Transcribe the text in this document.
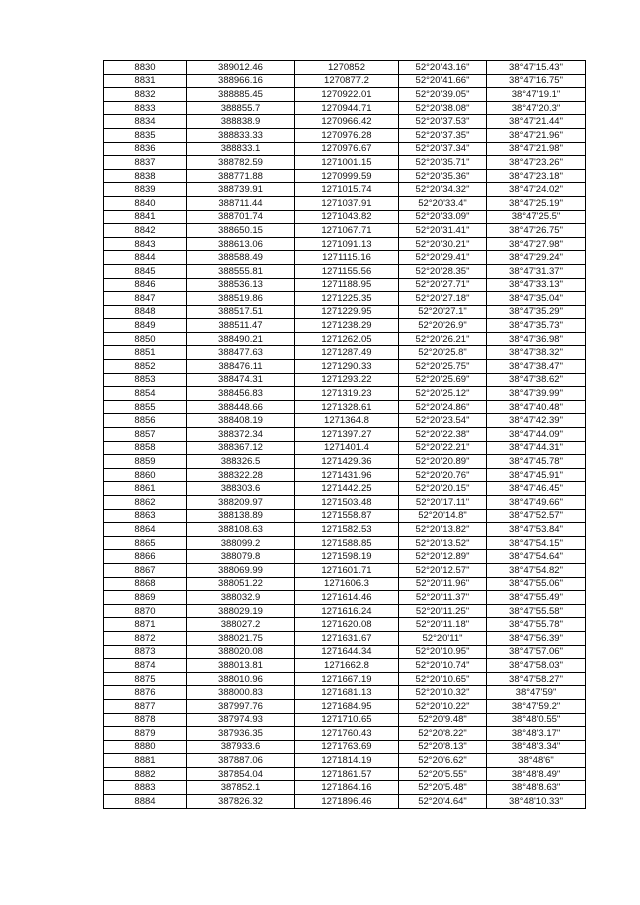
8830	389012.46	1270852	52°20'43.16"	38°47'15.43"
8831	388966.16	1270877.2	52°20'41.66"	38°47'16.75"
8832	388885.45	1270922.01	52°20'39.05"	38°47'19.1"
8833	388855.7	1270944.71	52°20'38.08"	38°47'20.3"
8834	388838.9	1270966.42	52°20'37.53"	38°47'21.44"
8835	388833.33	1270976.28	52°20'37.35"	38°47'21.96"
8836	388833.1	1270976.67	52°20'37.34"	38°47'21.98"
8837	388782.59	1271001.15	52°20'35.71"	38°47'23.26"
8838	388771.88	1270999.59	52°20'35.36"	38°47'23.18"
8839	388739.91	1271015.74	52°20'34.32"	38°47'24.02"
8840	388711.44	1271037.91	52°20'33.4"	38°47'25.19"
8841	388701.74	1271043.82	52°20'33.09"	38°47'25.5"
8842	388650.15	1271067.71	52°20'31.41"	38°47'26.75"
8843	388613.06	1271091.13	52°20'30.21"	38°47'27.98"
8844	388588.49	1271115.16	52°20'29.41"	38°47'29.24"
8845	388555.81	1271155.56	52°20'28.35"	38°47'31.37"
8846	388536.13	1271188.95	52°20'27.71"	38°47'33.13"
8847	388519.86	1271225.35	52°20'27.18"	38°47'35.04"
8848	388517.51	1271229.95	52°20'27.1"	38°47'35.29"
8849	388511.47	1271238.29	52°20'26.9"	38°47'35.73"
8850	388490.21	1271262.05	52°20'26.21"	38°47'36.98"
8851	388477.63	1271287.49	52°20'25.8"	38°47'38.32"
8852	388476.11	1271290.33	52°20'25.75"	38°47'38.47"
8853	388474.31	1271293.22	52°20'25.69"	38°47'38.62"
8854	388456.83	1271319.23	52°20'25.12"	38°47'39.99"
8855	388448.66	1271328.61	52°20'24.86"	38°47'40.48"
8856	388408.19	1271364.8	52°20'23.54"	38°47'42.39"
8857	388372.34	1271397.27	52°20'22.38"	38°47'44.09"
8858	388367.12	1271401.4	52°20'22.21"	38°47'44.31"
8859	388326.5	1271429.36	52°20'20.89"	38°47'45.78"
8860	388322.28	1271431.96	52°20'20.76"	38°47'45.91"
8861	388303.6	1271442.25	52°20'20.15"	38°47'46.45"
8862	388209.97	1271503.48	52°20'17.11"	38°47'49.66"
8863	388138.89	1271558.87	52°20'14.8"	38°47'52.57"
8864	388108.63	1271582.53	52°20'13.82"	38°47'53.84"
8865	388099.2	1271588.85	52°20'13.52"	38°47'54.15"
8866	388079.8	1271598.19	52°20'12.89"	38°47'54.64"
8867	388069.99	1271601.71	52°20'12.57"	38°47'54.82"
8868	388051.22	1271606.3	52°20'11.96"	38°47'55.06"
8869	388032.9	1271614.46	52°20'11.37"	38°47'55.49"
8870	388029.19	1271616.24	52°20'11.25"	38°47'55.58"
8871	388027.2	1271620.08	52°20'11.18"	38°47'55.78"
8872	388021.75	1271631.67	52°20'11"	38°47'56.39"
8873	388020.08	1271644.34	52°20'10.95"	38°47'57.06"
8874	388013.81	1271662.8	52°20'10.74"	38°47'58.03"
8875	388010.96	1271667.19	52°20'10.65"	38°47'58.27"
8876	388000.83	1271681.13	52°20'10.32"	38°47'59"
8877	387997.76	1271684.95	52°20'10.22"	38°47'59.2"
8878	387974.93	1271710.65	52°20'9.48"	38°48'0.55"
8879	387936.35	1271760.43	52°20'8.22"	38°48'3.17"
8880	387933.6	1271763.69	52°20'8.13"	38°48'3.34"
8881	387887.06	1271814.19	52°20'6.62"	38°48'6"
8882	387854.04	1271861.57	52°20'5.55"	38°48'8.49"
8883	387852.1	1271864.16	52°20'5.48"	38°48'8.63"
8884	387826.32	1271896.46	52°20'4.64"	38°48'10.33"
